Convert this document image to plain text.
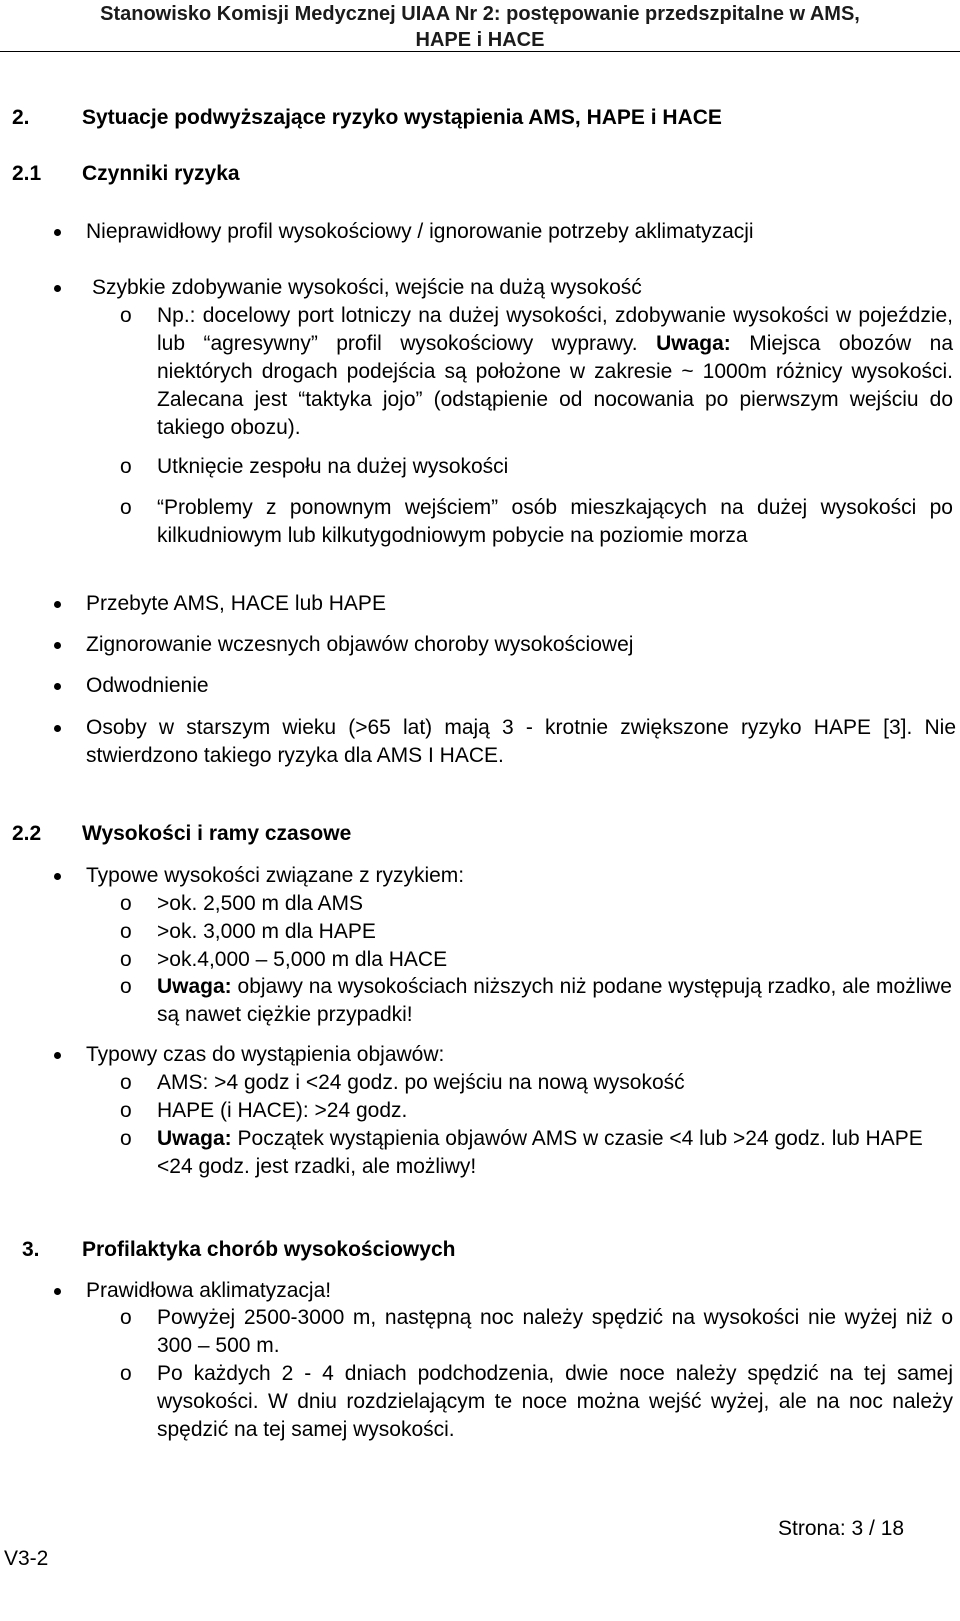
Stanowisko Komisji Medycznej UIAA Nr 2: postępowanie przedszpitalne w AMS,
HAPE i HACE
2. Sytuacje podwyższające ryzyko wystąpienia AMS, HAPE i HACE
2.1 Czynniki ryzyka
Nieprawidłowy profil wysokościowy / ignorowanie potrzeby aklimatyzacji
Szybkie zdobywanie wysokości, wejście na dużą wysokość
o	Np.: docelowy port lotniczy na dużej wysokości, zdobywanie wysokości w pojeździe, lub “agresywny” profil wysokościowy wyprawy. Uwaga: Miejsca obozów na niektórych drogach podejścia są położone w zakresie ~ 1000m różnicy wysokości. Zalecana jest “taktyka jojo” (odstąpienie od nocowania po pierwszym wejściu do takiego obozu).
o	Utknięcie zespołu na dużej wysokości
o	“Problemy z ponownym wejściem” osób mieszkających na dużej wysokości po kilkudniowym lub kilkutygodniowym pobycie na poziomie morza
Przebyte AMS, HACE lub HAPE
Zignorowanie wczesnych objawów choroby wysokościowej
Odwodnienie
Osoby w starszym wieku (>65 lat) mają 3 - krotnie zwiększone ryzyko HAPE [3]. Nie stwierdzono takiego ryzyka dla AMS I HACE.
2.2 Wysokości i ramy czasowe
Typowe wysokości związane z ryzykiem:
o	>ok. 2,500 m dla AMS
o	>ok. 3,000 m dla HAPE
o	>ok.4,000 – 5,000 m dla HACE
o	Uwaga: objawy na wysokościach niższych niż podane występują rzadko, ale możliwe są nawet ciężkie przypadki!
Typowy czas do wystąpienia objawów:
o	AMS: >4 godz i <24 godz. po wejściu na nową wysokość
o	HAPE (i HACE): >24 godz.
o	Uwaga: Początek wystąpienia objawów AMS w czasie <4 lub >24 godz. lub HAPE <24 godz. jest rzadki, ale możliwy!
3. Profilaktyka chorób wysokościowych
Prawidłowa aklimatyzacja!
o	Powyżej 2500-3000 m, następną noc należy spędzić na wysokości nie wyżej niż o 300 – 500 m.
o	Po każdych 2 - 4 dniach podchodzenia, dwie noce należy spędzić na tej samej wysokości. W dniu rozdzielającym te noce można wejść wyżej, ale na noc należy spędzić na tej samej wysokości.
Strona: 3 / 18
V3-2
